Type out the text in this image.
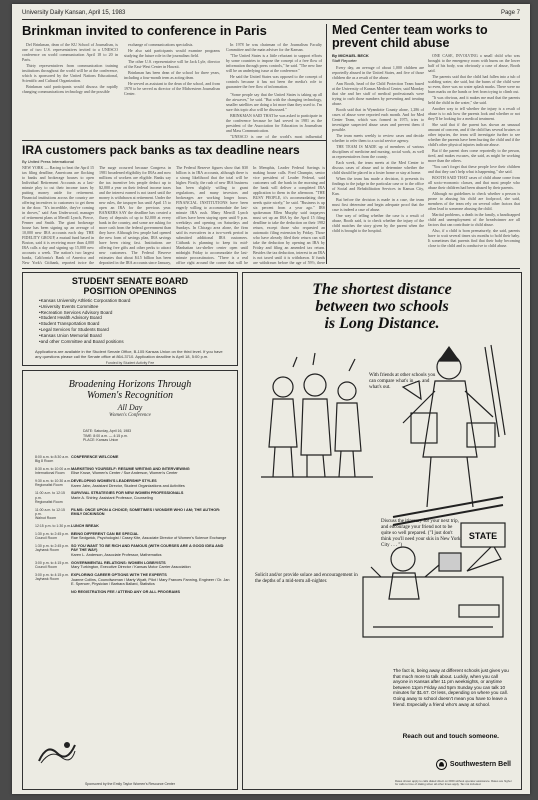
University Daily Kansan, April 15, 1983	Page 7
Brinkman invited to conference in Paris

Del Brinkman, dean of the KU School of Journalism, is one of two U.S. representatives invited to a UNESCO conference on world communication April 18 to 20 in Paris.

Thirty representatives from communication training institutions throughout the world will be at the conference, which is sponsored by the United Nations Educational, Scientific and Cultural Organization.

Brinkman said participants would discuss the rapidly changing communications technology and the possible

exchange of communications specialists.

He also said participants would examine programs studying the future role in the journalism field.

The other U.S. representative will be Jack Lyle, director of the East-West Center in Hawaii.

Brinkman has been dean of the school for three years, including a four-month term as acting dean.

He served as assistant to the dean of the school, and from 1970 to he served as director of the Midwestern Journalism Center.

In 1978 he was chairman of the Journalism Faculty Committee and the main adviser for the Kansan.

"The United States is a little reluctant to support efforts by some countries to impose the concept of a free flow of information through press controls," he said. "The new line will be an underlying issue at the conference."

He said the United States was opposed to the concept of controls because it has not been the media's role to guarantee the free flow of information.

"Some people say that the United States is taking up all the airwaves," he said. "But with the changing technology, smaller satellites are doing a lot more than they used to. I'm sure this topic also will be discussed."

BRINKMAN SAID THAT he was asked to participate in the conference because he had served in 1981 as the president of the Association for Education in Journalism and Mass Communication.

"UNESCO is one of the world's most influential

Med Center team works to prevent child abuse
By MICHAEL BECK
Staff Reporter

Every day, an average of about 1,000 children are reportedly abused in the United States, and five of those children die as a result of the abuse.

Ann Booth, head of the Child Protection Team based at the University of Kansas Medical Center, said Monday that she and her staff of medical professionals were trying to curb those numbers by preventing and treating abuse.

Booth said that in Wyandotte County alone, 1,286 of cases of abuse were reported each month. And for Med Center Team, which was formed in 1975, tries to investigate suspected abuse cases and prevent them if possible.

The team meets weekly to review cases and decide whether to refer them to a social service agency.

THE TEAM IS MADE up of members of various disciplines of medicine and nursing, social work, as well as representatives from the county.

Each week, the team meets at the Med Center to discuss cases of abuse and to determine whether the child should be placed in a foster home or stay at home.

When the team has made a decision, it presents its findings to the judge in the particular case or to the office of Social and Rehabilitation Services in Kansas City, Kan.

But before the decision is made in a case, the team must first determine and begin adequate proof that the case is indeed a case of abuse.

One way of telling whether the case is a result of abuse, Booth said, is to check whether the injury of the child matches the story given by the parent when the child is brought to the hospital.

ONE CASE, INVOLVING a small child who was brought to the emergency room with burns on the lower half of his body, was obviously a case of abuse, Booth said.

The parents said that the child had fallen into a tub of scalding water, she said, but the burns of the child were so even, there was no water splash marks. There were no burn marks on the hands or feet from trying to climb out.

"It was obvious, and it makes me mad that the parents held the child in the water," she said.

Another way to tell whether the injury is a result of abuse is to ask how the parents look and whether or not they'll be looking for a medical treatment.

She said that if the parent has shown an unusual amount of concern, and if the child has several bruises or other injuries, the team will investigate further to see whether the parents have been hurting the child and if the child's other physical injuries indicate abuse.

But if the parent does come reportedly to the person, tired, and makes excuses, she said, as might be working more than the others.

"You can't forget that these people love their children and that they can't help what is happening," she said.

BOOTH SAID THAT cases of child abuse come from all socio-economic classes, and that most people who abuse their children had been abused by their parents.

Although no guidelines to check whether a person is prone to abusing his child are foolproof, she said, members of the team rely on several other factors that often lead to someone abusing the child.

Marital problems, a death in the family, a handicapped child and unemployment of the breadwinner are all factors that can contribute to child abuse.

Also, if a child is born prematurely, she said, parents have to wait several times six months to hold their baby. It sometimes that parents find that their baby becoming close to the child and is conducive to child abuse.

IRA customers pack banks as tax deadline nears
By United Press International
NEW YORK — Racing to beat the April 15 tax filing deadline, Americans are flocking to banks and brokerage houses to open Individual Retirement Accounts as a last-minute ploy to cut their income taxes by putting money aside for retirement. Financial institutions across the country are offering incentives to customers to get them in the door. "It's incredible, they're coming in droves," said Ann Underwood, manager of retirement plans at Merrill Lynch, Pierce, Fenner and Smith. The giant brokerage house has been signing up an average of 10,000 new IRA accounts each day. THE FIDELITY GROUP, a mutual fund based in Boston, said it is receiving more than 4,000 IRA calls a day and signing up 15,000 new accounts a week. The nation's two largest banks, California's Bank of America and New York's Citibank, reported twice the
The surge occurred because Congress in 1981 broadened eligibility for IRAs and now millions of workers are eligible. Banks say the tax incentive lets people deduct up to $2,000 a year on their federal income taxes and the interest earned is not taxed until the money is withdrawn at retirement. Under the new rules, the taxpayer has until April 15 to open an IRA for the previous year. BANKERS SAY the deadline has created a flurry of deposits of up to $2,000 at every bank in the country, and some are asking for more cash from the federal government than they have. Although few people had opened the new form of savings plan, IRA savings have been rising fast. Institutions are offering free gifts and other perks to attract new customers. The Federal Reserve estimates that about $4.5 billion has been deposited in the IRA accounts since January,
The Federal Reserve figures show that $30 billion is in IRA accounts, although there is a strong likelihood that the total will be higher. Firstly, the rush of new IRA business has been slightly willing to grant regulations, and many investors and brokerages are working longer hours. FINANCIAL INSTITUTIONS have been eagerly willing to accommodate the last-minute IRA rush. Many Merrill Lynch offices have been staying open until 9 p.m. weekdays and opening on Saturdays and Sundays. In Chicago area alone, the firm said its executives in a two-week period in submitted additional IRA customers. Citibank is planning to keep its mid-Manhattan tax-shelter center open until midnight Friday to accommodate the last-minute procrastinators. "There is a real office right around the corner that will be
In Memphis, Leader Federal Savings is making house calls. Fred Chumpin, senior vice president of Leader Federal, said customers call the bank in the morning and the bank will deliver a completed IRA application to them in the afternoon. "THE BUSY PEOPLE, it's accommodating their needs quite nicely," he said. "Business is up six percent from a year ago." IRS spokesman Ellen Murphy said taxpayers must set up an IRA by the April 15 filing deadline to take the deduction on their 1982 return, except those who requested an automatic filing extension by Friday. Those who have already filed their return can still take the deduction by opening an IRA by Friday and filing an amended tax return. Besides the tax deduction, interest in an IRA is not taxed until it is withdrawn. If funds are withdrawn before the age of 59½, there
STUDENT SENATE BOARD
POSITION OPENINGS
• Kansas University Athletic Corporation Board
• University Events Committee
• Recreation Services Advisory Board
• Student Health Advisory Board
• Student Transportation Board
• Legal Services for Students Board
• Kansas Union Memorial Board
• and other Committee and Board positions
Applications are available in the Student Senate Office, B-105 Kansas Union on the third level. If you have any questions please call the Senate office at 864-3710. Application deadline is April 18, 5:00 p.m.
Funded by Student Activity Fee
Broadening Horizons Through
Women's Recognition
All Day
Women's Conference
DATE: Saturday, April 16, 1983
TIME: 8:00 a.m. — 4:15 p.m.
PLACE: Kansas Union
8:00 a.m. to 8:30 a.m.
Big 8 Room
CONFERENCE WELCOME
8:30 a.m. to 10:00 a.m.
International Room
MARKETING YOURSELF: RESUME WRITING AND INTERVIEWING
Elise Kruse, Women's Center / Sue Anderson, Women's Center
9:30 a.m. to 10:30 a.m.
Regionalist Room
DEVELOPING WOMEN'S LEADERSHIP STYLES
Karen Jahn, Assistant Director, Student Organizations and Activities
11:00 a.m. to 12:15 p.m.
Regionalist Room
SURVIVAL STRATEGIES FOR NEW WOMEN PROFESSIONALS
Marie A. Shirley, Assistant Professor, Counseling
11:00 a.m. to 12:15 p.m.
Walnut Room
FILMS: ONCE UPON A CHOICE; SOMETIMES I WONDER WHO I AM; THE AUTHOR: EMILY DICKINSON
12:15 p.m. to 1:30 p.m. LUNCH BREAK
1:30 p.m. to 2:45 p.m.
Council Room
BEING DIFFERENT CAN BE SPECIAL
Rae Sedgwick, Psychologist / Casey Kite, Associate Director of Women's Science Exchange
1:30 p.m. to 2:45 p.m.
Jayhawk Room
SO YOU WANT TO BE RICH AND FAMOUS (WITH COURSES ARE A GOOD IDEA AND PAY THE WAY)
Karen L. Anderson, Associate Professor, Mathematics
3:00 p.m. to 4:15 p.m.
Council Room
GOVERNMENTAL RELATIONS: WOMEN LOBBYISTS
Mary Turkington, Executive Director / Kansas Motor Carrier Association
3:00 p.m. to 4:15 p.m.
Jayhawk Room
EXPLORING CAREER OPTIONS WITH THE EXPERTS
Joanne Collins, Councilwoman / Marty Wyatt, Pilot / Mary Frances Fanning, Engineer / Dr. Jan E. Spencer, Physician / Barbara Ballard, Statistics
NO REGISTRATION FEE / ATTEND ANY OR ALL PROGRAMS
Sponsored by the Emily Taylor Women's Resource Center
The shortest distance
between two schools
is Long Distance.
STATE
With friends at other schools you can compare what's in . . . and what's out.
Discuss the itinerary for your next trip, and encourage your friend not to be quite so well prepared. ("I just don't think you'll need your skis in New York City . . . ")
Solicit and/or provide solace and encouragement in the depths of a mid-term all-nighter.
The fact is, being away at different schools just gives you that much more to talk about. Luckily, when you call anyone in Kansas after 11 pm weeknights, or anytime between 11pm Friday and 5pm Sunday you can talk 10 minutes for $1.67. Or less, depending on where you call. Going away to school doesn't mean you have to leave a friend. Especially a friend who's away at school.
Reach out and touch someone.
Southwestern Bell
Rates shown apply to calls dialed direct on DDD without operator assistance. Rates are higher for calls to time of dialing when all other times apply. Tax not included.
